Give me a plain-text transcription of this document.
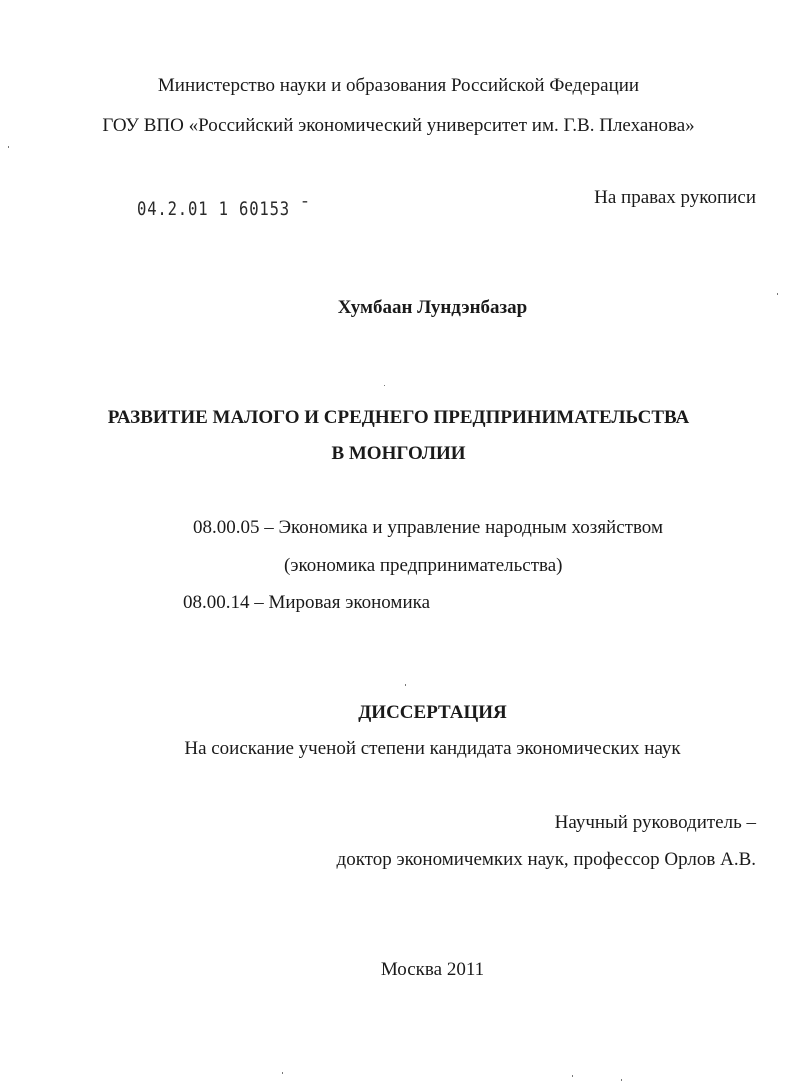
Министерство науки и образования Российской Федерации
ГОУ ВПО «Российский экономический университет им. Г.В. Плеханова»
04.2.01 1 60153 ˉ
На правах рукописи
Хумбаан Лундэнбазар
РАЗВИТИЕ МАЛОГО И СРЕДНЕГО ПРЕДПРИНИМАТЕЛЬСТВА
В МОНГОЛИИ
08.00.05 – Экономика и управление народным хозяйством
(экономика предпринимательства)
08.00.14 – Мировая экономика
ДИССЕРТАЦИЯ
На соискание ученой степени кандидата экономических наук
Научный руководитель –
доктор экономичемких наук, профессор Орлов А.В.
Москва 2011
